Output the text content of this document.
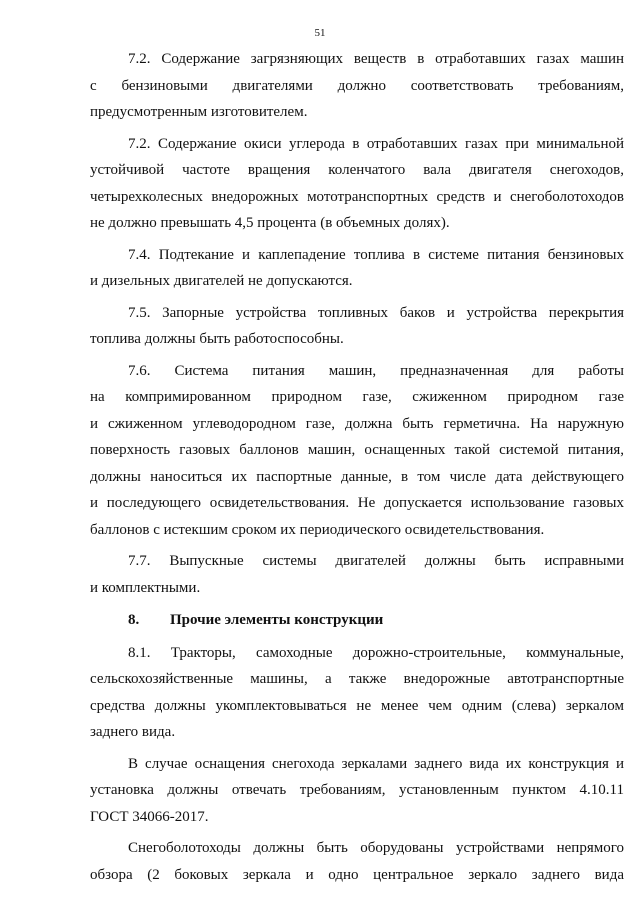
51

7.2. Содержание загрязняющих веществ в отработавших газах машин
с бензиновыми двигателями должно соответствовать требованиям,
предусмотренным изготовителем.

7.2. Содержание окиси углерода в отработавших газах при минимальной
устойчивой частоте вращения коленчатого вала двигателя снегоходов,
четырехколесных внедорожных мототранспортных средств и снегоболотоходов
не должно превышать 4,5 процента (в объемных долях).

7.4. Подтекание и каплепадение топлива в системе питания бензиновых
и дизельных двигателей не допускаются.

7.5. Запорные устройства топливных баков и устройства перекрытия
топлива должны быть работоспособны.

7.6. Система питания машин, предназначенная для работы
на компримированном природном газе, сжиженном природном газе
и сжиженном углеводородном газе, должна быть герметична. На наружную
поверхность газовых баллонов машин, оснащенных такой системой питания,
должны наноситься их паспортные данные, в том числе дата действующего
и последующего освидетельствования. Не допускается использование газовых
баллонов с истекшим сроком их периодического освидетельствования.

7.7. Выпускные системы двигателей должны быть исправными
и комплектными.

8. Прочие элементы конструкции

8.1. Тракторы, самоходные дорожно-строительные, коммунальные,
сельскохозяйственные машины, а также внедорожные автотранспортные
средства должны укомплектовываться не менее чем одним (слева) зеркалом
заднего вида.

В случае оснащения снегохода зеркалами заднего вида их конструкция и
установка должны отвечать требованиям, установленным пунктом 4.10.11
ГОСТ 34066-2017.

Снегоболотоходы должны быть оборудованы устройствами непрямого
обзора (2 боковых зеркала и одно центральное зеркало заднего вида
